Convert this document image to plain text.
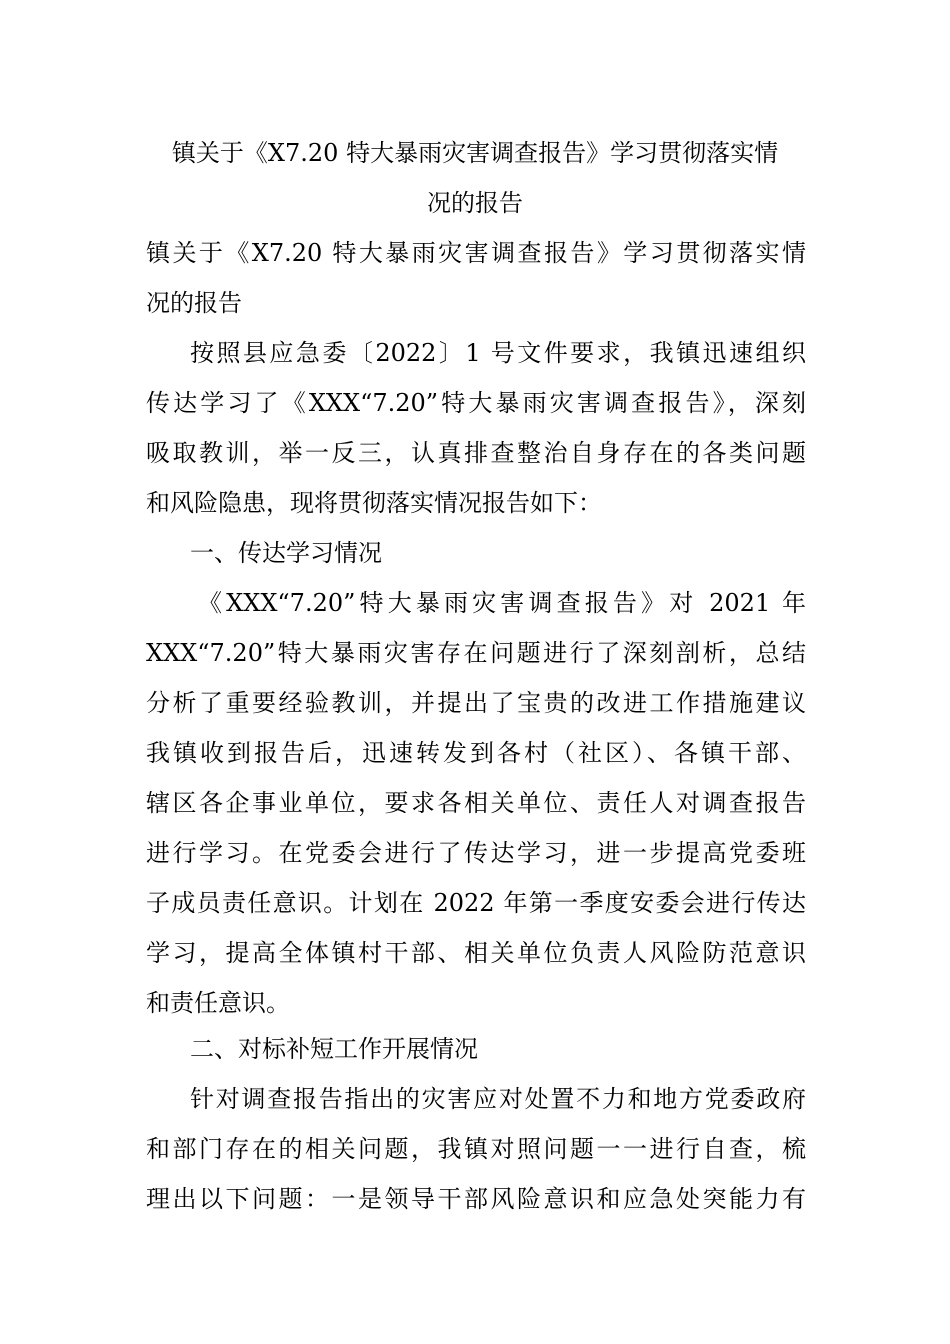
镇关于《X7.20 特大暴雨灾害调查报告》学习贯彻落实情
况的报告
镇关于《X7.20 特大暴雨灾害调查报告》学习贯彻落实情
况的报告
按照县应急委〔2022〕1 号文件要求，我镇迅速组织
传达学习了《XXX“7.20”特大暴雨灾害调查报告》，深刻
吸取教训，举一反三，认真排查整治自身存在的各类问题
和风险隐患，现将贯彻落实情况报告如下：
一、传达学习情况
《XXX“7.20”特大暴雨灾害调查报告》对 2021 年
XXX“7.20”特大暴雨灾害存在问题进行了深刻剖析，总结
分析了重要经验教训，并提出了宝贵的改进工作措施建议
我镇收到报告后，迅速转发到各村（社区）、各镇干部、
辖区各企事业单位，要求各相关单位、责任人对调查报告
进行学习。在党委会进行了传达学习，进一步提高党委班
子成员责任意识。计划在 2022 年第一季度安委会进行传达
学习，提高全体镇村干部、相关单位负责人风险防范意识
和责任意识。
二、对标补短工作开展情况
针对调查报告指出的灾害应对处置不力和地方党委政府
和部门存在的相关问题，我镇对照问题一一进行自查，梳
理出以下问题：一是领导干部风险意识和应急处突能力有
